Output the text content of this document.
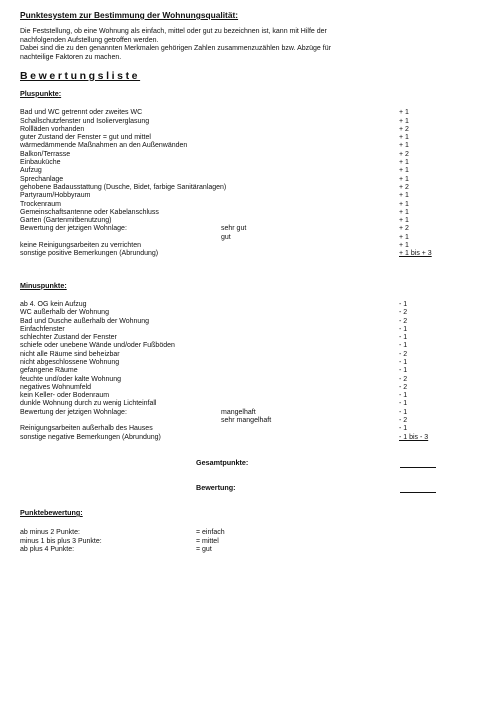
Punktesystem zur Bestimmung der Wohnungsqualität:
Die Feststellung, ob eine Wohnung als einfach, mittel oder gut zu bezeichnen ist, kann mit Hilfe der
nachfolgenden Aufstellung getroffen werden.
Dabei sind die zu den genannten Merkmalen gehörigen Zahlen zusammenzuzählen bzw. Abzüge für
nachteilige Faktoren zu machen.
Bewertungsliste
Pluspunkte:
Bad und WC getrennt oder zweites WC	+ 1
Schallschutzfenster und Isolierverglasung	+ 1
Rollläden vorhanden	+ 2
guter Zustand der Fenster = gut und mittel	+ 1
wärmedämmende Maßnahmen an den Außenwänden	+ 1
Balkon/Terrasse	+ 2
Einbauküche	+ 1
Aufzug	+ 1
Sprechanlage	+ 1
gehobene Badausstattung (Dusche, Bidet, farbige Sanitäranlagen)	+ 2
Partyraum/Hobbyraum	+ 1
Trockenraum	+ 1
Gemeinschaftsantenne oder Kabelanschluss	+ 1
Garten (Gartenmitbenutzung)	+ 1
Bewertung der jetzigen Wohnlage:	sehr gut	+ 2
gut	+ 1
keine Reinigungsarbeiten zu verrichten	+ 1
sonstige positive Bemerkungen (Abrundung)	+ 1 bis + 3
Minuspunkte:
ab 4. OG kein Aufzug	- 1
WC außerhalb der Wohnung	- 2
Bad und Dusche außerhalb der Wohnung	- 2
Einfachfenster	- 1
schlechter Zustand der Fenster	- 1
schiefe oder unebene Wände und/oder Fußböden	- 1
nicht alle Räume sind beheizbar	- 2
nicht abgeschlossene Wohnung	- 1
gefangene Räume	- 1
feuchte und/oder kalte Wohnung	- 2
negatives Wohnumfeld	- 2
kein Keller- oder Bodenraum	- 1
dunkle Wohnung durch zu wenig Lichteinfall	- 1
Bewertung der jetzigen Wohnlage:	mangelhaft	- 1
sehr mangelhaft	- 2
Reinigungsarbeiten außerhalb des Hauses	- 1
sonstige negative Bemerkungen (Abrundung)	- 1 bis - 3
Gesamtpunkte:
Bewertung:
Punktebewertung:
ab minus 2 Punkte:	= einfach
minus 1 bis plus 3 Punkte:	= mittel
ab plus 4 Punkte:	= gut
